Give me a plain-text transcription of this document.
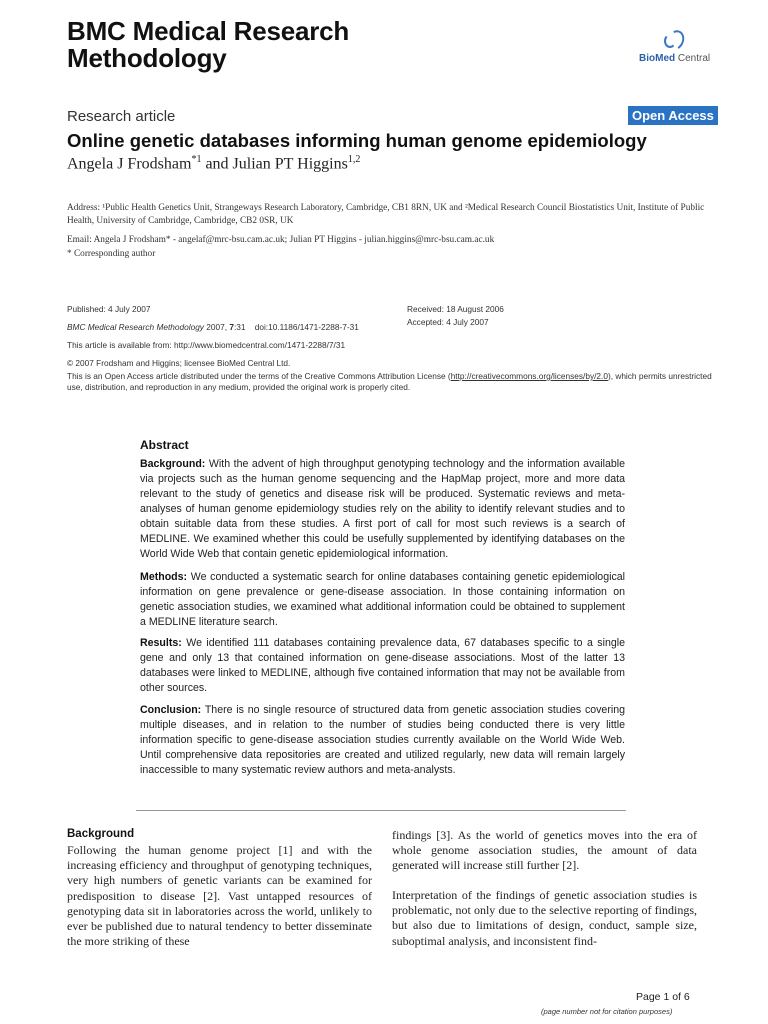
BMC Medical Research
Methodology	BioMed Central
Research article	Open Access
Online genetic databases informing human genome epidemiology
Angela J Frodsham$^{*1}$ and Julian PT Higgins$^{1,2}$
Address: ¹Public Health Genetics Unit, Strangeways Research Laboratory, Cambridge, CB1 8RN, UK and ²Medical Research Council Biostatistics Unit, Institute of Public Health, University of Cambridge, Cambridge, CB2 0SR, UK
Email: Angela J Frodsham* - angelaf@mrc-bsu.cam.ac.uk; Julian PT Higgins - julian.higgins@mrc-bsu.cam.ac.uk
* Corresponding author
Published: 4 July 2007	Received: 18 August 2006
Accepted: 4 July 2007
BMC Medical Research Methodology 2007, 7:31    doi:10.1186/1471-2288-7-31
This article is available from: http://www.biomedcentral.com/1471-2288/7/31
© 2007 Frodsham and Higgins; licensee BioMed Central Ltd.
This is an Open Access article distributed under the terms of the Creative Commons Attribution License (http://creativecommons.org/licenses/by/2.0), which permits unrestricted use, distribution, and reproduction in any medium, provided the original work is properly cited.
Abstract
Background: With the advent of high throughput genotyping technology and the information available via projects such as the human genome sequencing and the HapMap project, more and more data relevant to the study of genetics and disease risk will be produced. Systematic reviews and meta-analyses of human genome epidemiology studies rely on the ability to identify relevant studies and to obtain suitable data from these studies. A first port of call for most such reviews is a search of MEDLINE. We examined whether this could be usefully supplemented by identifying databases on the World Wide Web that contain genetic epidemiological information.
Methods: We conducted a systematic search for online databases containing genetic epidemiological information on gene prevalence or gene-disease association. In those containing information on genetic association studies, we examined what additional information could be obtained to supplement a MEDLINE literature search.
Results: We identified 111 databases containing prevalence data, 67 databases specific to a single gene and only 13 that contained information on gene-disease associations. Most of the latter 13 databases were linked to MEDLINE, although five contained information that may not be available from other sources.
Conclusion: There is no single resource of structured data from genetic association studies covering multiple diseases, and in relation to the number of studies being conducted there is very little information specific to gene-disease association studies currently available on the World Wide Web. Until comprehensive data repositories are created and utilized regularly, new data will remain largely inaccessible to many systematic review authors and meta-analysts.
Background
Following the human genome project [1] and with the increasing efficiency and throughput of genotyping techniques, very high numbers of genetic variants can be examined for predisposition to disease [2]. Vast untapped resources of genotyping data sit in laboratories across the world, unlikely to ever be published due to natural tendency to better disseminate the more striking of these
findings [3]. As the world of genetics moves into the era of whole genome association studies, the amount of data generated will increase still further [2].
Interpretation of the findings of genetic association studies is problematic, not only due to the selective reporting of findings, but also due to limitations of design, conduct, sample size, suboptimal analysis, and inconsistent find-
Page 1 of 6
(page number not for citation purposes)
